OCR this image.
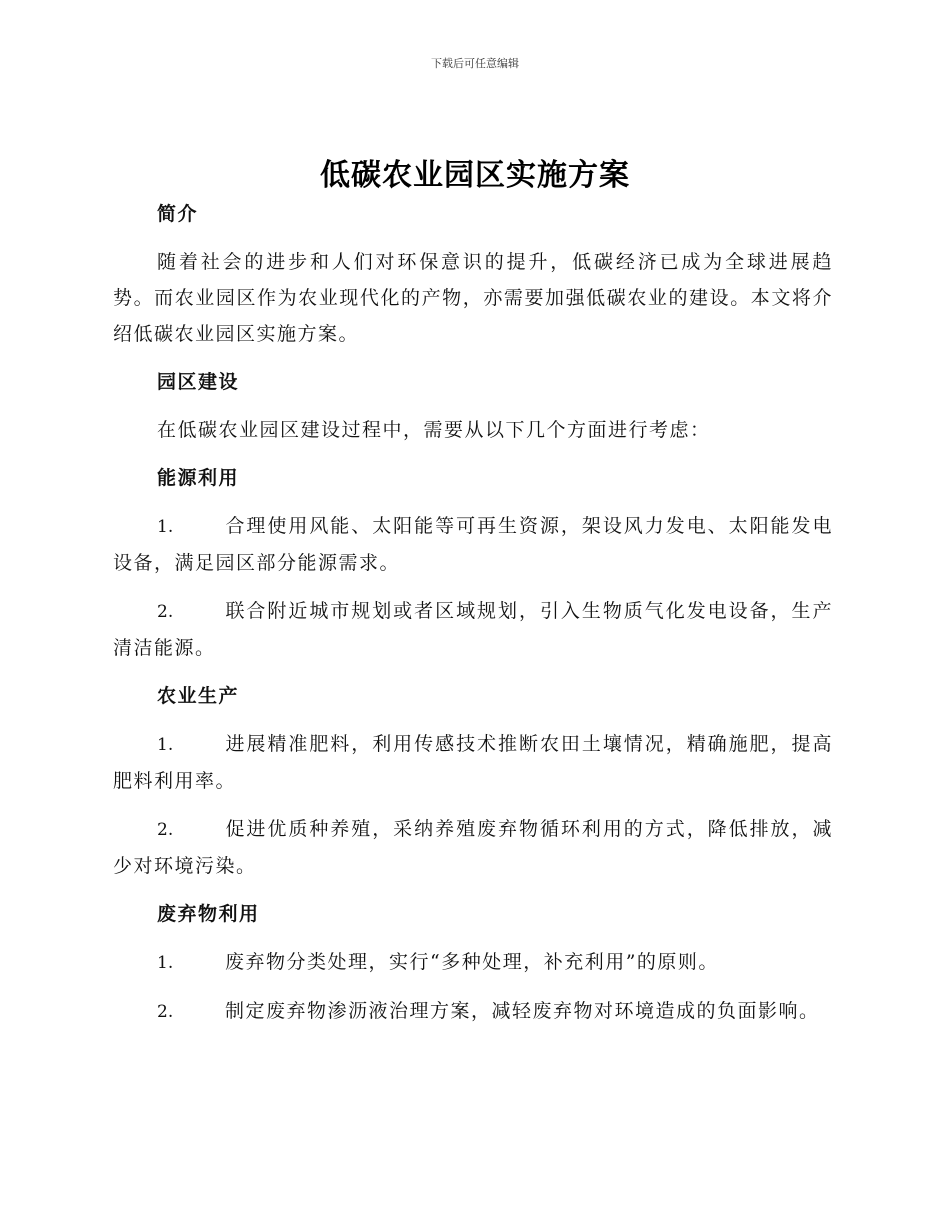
下载后可任意编辑
低碳农业园区实施方案
简介

随着社会的进步和人们对环保意识的提升，低碳经济已成为全球进展趋势。而农业园区作为农业现代化的产物，亦需要加强低碳农业的建设。本文将介绍低碳农业园区实施方案。

园区建设

在低碳农业园区建设过程中，需要从以下几个方面进行考虑：

能源利用

1.	合理使用风能、太阳能等可再生资源，架设风力发电、太阳能发电设备，满足园区部分能源需求。

2.	联合附近城市规划或者区域规划，引入生物质气化发电设备，生产清洁能源。

农业生产

1.	进展精准肥料，利用传感技术推断农田土壤情况，精确施肥，提高肥料利用率。

2.	促进优质种养殖，采纳养殖废弃物循环利用的方式，降低排放，减少对环境污染。

废弃物利用

1.	废弃物分类处理，实行“多种处理，补充利用”的原则。

2.	制定废弃物渗沥液治理方案，减轻废弃物对环境造成的负面影响。
